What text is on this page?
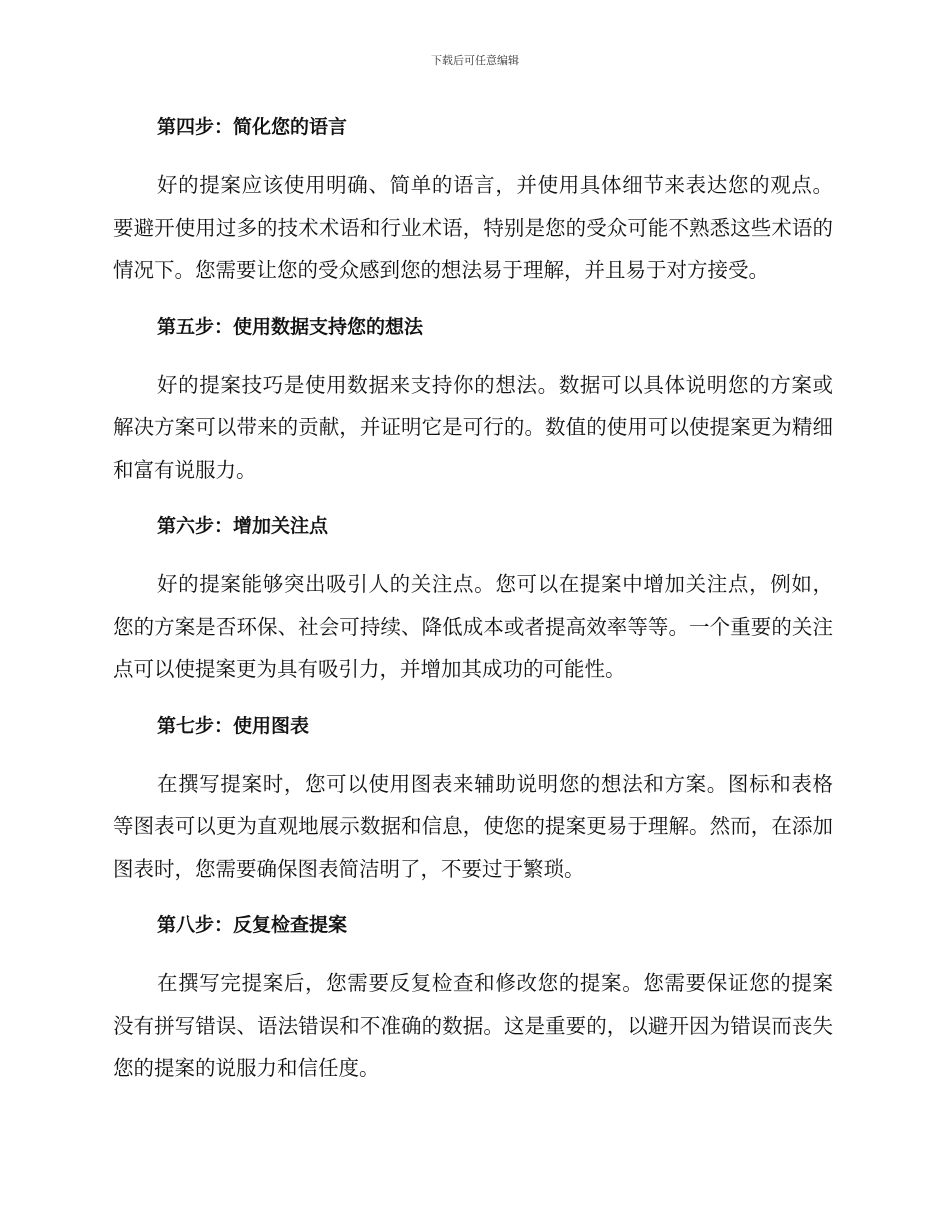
下载后可任意编辑
第四步：简化您的语言

好的提案应该使用明确、简单的语言，并使用具体细节来表达您的观点。要避开使用过多的技术术语和行业术语，特别是您的受众可能不熟悉这些术语的情况下。您需要让您的受众感到您的想法易于理解，并且易于对方接受。

第五步：使用数据支持您的想法

好的提案技巧是使用数据来支持你的想法。数据可以具体说明您的方案或解决方案可以带来的贡献，并证明它是可行的。数值的使用可以使提案更为精细和富有说服力。

第六步：增加关注点

好的提案能够突出吸引人的关注点。您可以在提案中增加关注点，例如，您的方案是否环保、社会可持续、降低成本或者提高效率等等。一个重要的关注点可以使提案更为具有吸引力，并增加其成功的可能性。

第七步：使用图表

在撰写提案时，您可以使用图表来辅助说明您的想法和方案。图标和表格等图表可以更为直观地展示数据和信息，使您的提案更易于理解。然而，在添加图表时，您需要确保图表简洁明了，不要过于繁琐。

第八步：反复检查提案

在撰写完提案后，您需要反复检查和修改您的提案。您需要保证您的提案没有拼写错误、语法错误和不准确的数据。这是重要的，以避开因为错误而丧失您的提案的说服力和信任度。
